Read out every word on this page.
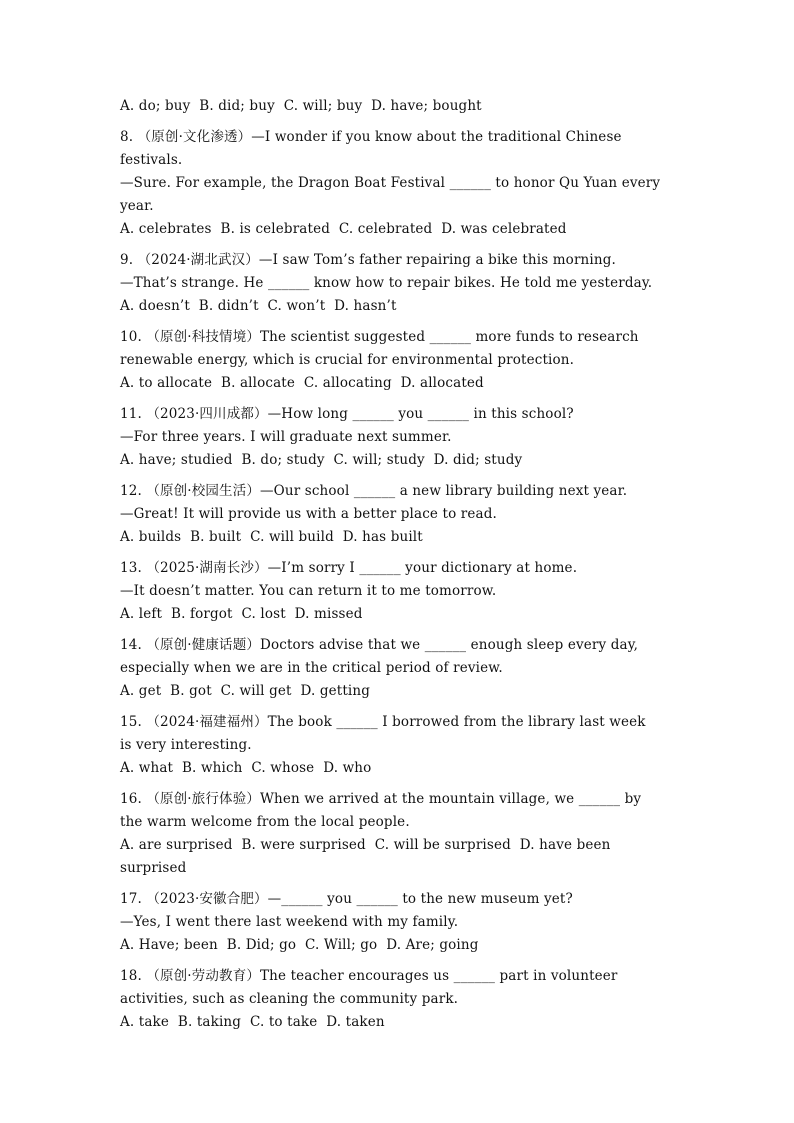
A. do; buy  B. did; buy  C. will; buy  D. have; bought
8. （原创·文化渗透）—I wonder if you know about the traditional Chinese
festivals.
—Sure. For example, the Dragon Boat Festival ______ to honor Qu Yuan every
year.
A. celebrates  B. is celebrated  C. celebrated  D. was celebrated
9. （2024·湖北武汉）—I saw Tom’s father repairing a bike this morning.
—That’s strange. He ______ know how to repair bikes. He told me yesterday.
A. doesn’t  B. didn’t  C. won’t  D. hasn’t
10. （原创·科技情境）The scientist suggested ______ more funds to research
renewable energy, which is crucial for environmental protection.
A. to allocate  B. allocate  C. allocating  D. allocated
11. （2023·四川成都）—How long ______ you ______ in this school?
—For three years. I will graduate next summer.
A. have; studied  B. do; study  C. will; study  D. did; study
12. （原创·校园生活）—Our school ______ a new library building next year.
—Great! It will provide us with a better place to read.
A. builds  B. built  C. will build  D. has built
13. （2025·湖南长沙）—I’m sorry I ______ your dictionary at home.
—It doesn’t matter. You can return it to me tomorrow.
A. left  B. forgot  C. lost  D. missed
14. （原创·健康话题）Doctors advise that we ______ enough sleep every day,
especially when we are in the critical period of review.
A. get  B. got  C. will get  D. getting
15. （2024·福建福州）The book ______ I borrowed from the library last week
is very interesting.
A. what  B. which  C. whose  D. who
16. （原创·旅行体验）When we arrived at the mountain village, we ______ by
the warm welcome from the local people.
A. are surprised  B. were surprised  C. will be surprised  D. have been
surprised
17. （2023·安徽合肥）—______ you ______ to the new museum yet?
—Yes, I went there last weekend with my family.
A. Have; been  B. Did; go  C. Will; go  D. Are; going
18. （原创·劳动教育）The teacher encourages us ______ part in volunteer
activities, such as cleaning the community park.
A. take  B. taking  C. to take  D. taken
